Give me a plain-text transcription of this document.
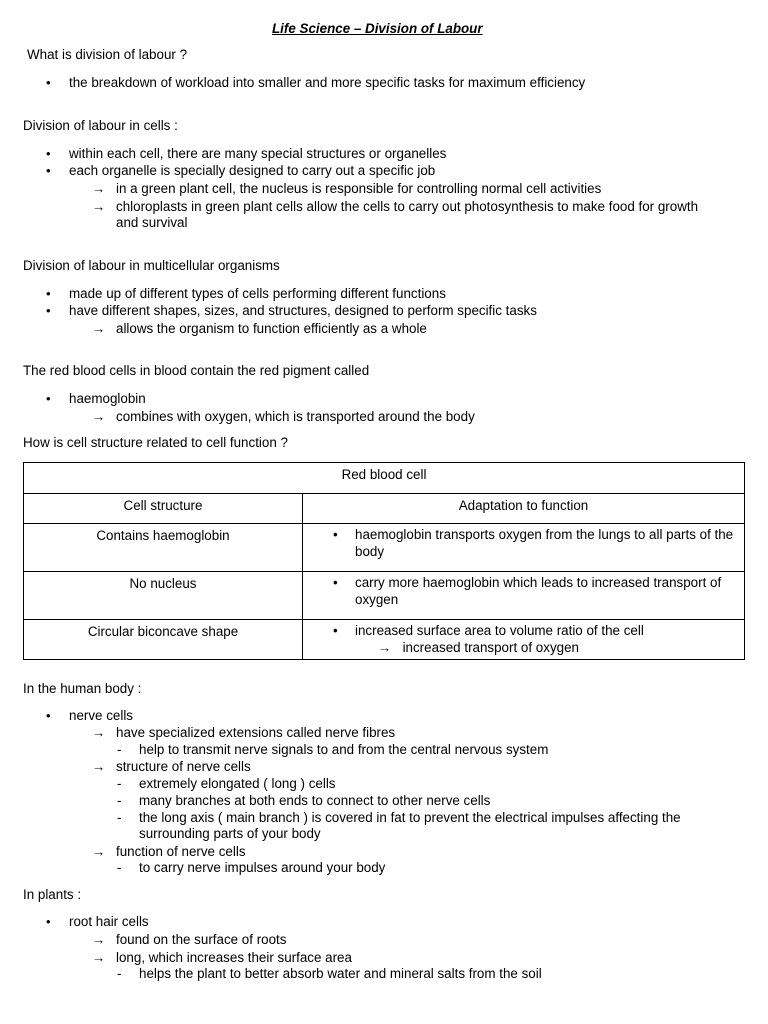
Life Science – Division of Labour
What is division of labour ?
• the breakdown of workload into smaller and more specific tasks for maximum efficiency
Division of labour in cells :
• within each cell, there are many special structures or organelles
• each organelle is specially designed to carry out a specific job
→ in a green plant cell, the nucleus is responsible for controlling normal cell activities
→ chloroplasts in green plant cells allow the cells to carry out photosynthesis to make food for growth
and survival
Division of labour in multicellular organisms
• made up of different types of cells performing different functions
• have different shapes, sizes, and structures, designed to perform specific tasks
→ allows the organism to function efficiently as a whole
The red blood cells in blood contain the red pigment called
• haemoglobin
→ combines with oxygen, which is transported around the body
How is cell structure related to cell function ?
Red blood cell	
Cell structure	Adaptation to function
Contains haemoglobin	• haemoglobin transports oxygen from the lungs to all parts of the body

No nucleus	• carry more haemoglobin which leads to increased transport of oxygen

Circular biconcave shape	• increased surface area to volume ratio of the cell
→ increased transport of oxygen
In the human body :
• nerve cells
→ have specialized extensions called nerve fibres
- help to transmit nerve signals to and from the central nervous system
→ structure of nerve cells
- extremely elongated ( long ) cells
- many branches at both ends to connect to other nerve cells
- the long axis ( main branch ) is covered in fat to prevent the electrical impulses affecting the
surrounding parts of your body
→ function of nerve cells
- to carry nerve impulses around your body
In plants :
• root hair cells
→ found on the surface of roots
→ long, which increases their surface area
- helps the plant to better absorb water and mineral salts from the soil
